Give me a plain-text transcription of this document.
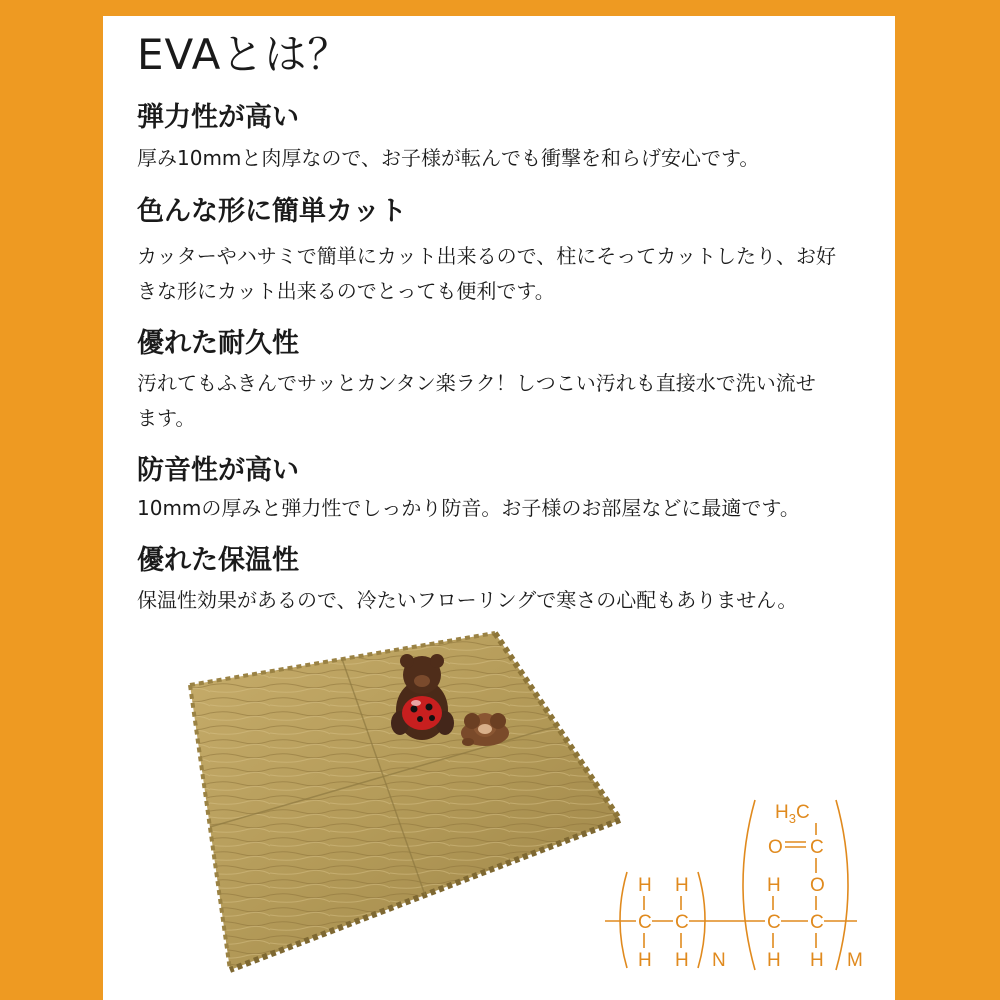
EVAとは？
弾力性が高い

厚み10mmと肉厚なので、お子様が転んでも衝撃を和らげ安心です。

色んな形に簡単カット

カッターやハサミで簡単にカット出来るので、柱にそってカットしたり、お好

きな形にカット出来るのでとっても便利です。

優れた耐久性

汚れてもふきんでサッとカンタン楽ラク！しつこい汚れも直接水で洗い流せ

ます。

防音性が高い

10mmの厚みと弾力性でしっかり防音。お子様のお部屋などに最適です。

優れた保温性

保温性効果があるので、冷たいフローリングで寒さの心配もありません。

$H_3C$
O C
H H	H O
C C	C C
H H	H H
N	M
